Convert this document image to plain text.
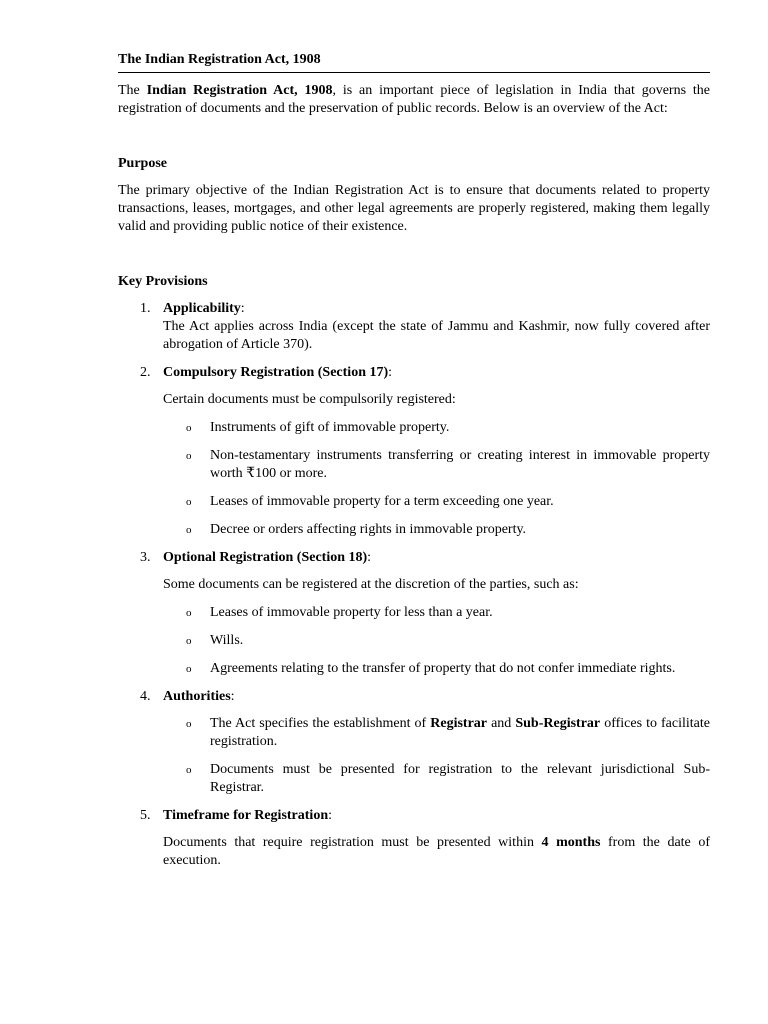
The Indian Registration Act, 1908

The Indian Registration Act, 1908, is an important piece of legislation in India that governs the registration of documents and the preservation of public records. Below is an overview of the Act:

Purpose

The primary objective of the Indian Registration Act is to ensure that documents related to property transactions, leases, mortgages, and other legal agreements are properly registered, making them legally valid and providing public notice of their existence.

Key Provisions
1. Applicability:

The Act applies across India (except the state of Jammu and Kashmir, now fully covered after abrogation of Article 370).

2. Compulsory Registration (Section 17):

Certain documents must be compulsorily registered:

o Instruments of gift of immovable property.
o Non-testamentary instruments transferring or creating interest in immovable property worth ₹100 or more.
o Leases of immovable property for a term exceeding one year.
o Decree or orders affecting rights in immovable property.
3. Optional Registration (Section 18):

Some documents can be registered at the discretion of the parties, such as:

o Leases of immovable property for less than a year.
o Wills.
o Agreements relating to the transfer of property that do not confer immediate rights.
4. Authorities:
o The Act specifies the establishment of Registrar and Sub-Registrar offices to facilitate registration.
o Documents must be presented for registration to the relevant jurisdictional Sub-Registrar.
5. Timeframe for Registration:

Documents that require registration must be presented within 4 months from the date of execution.
